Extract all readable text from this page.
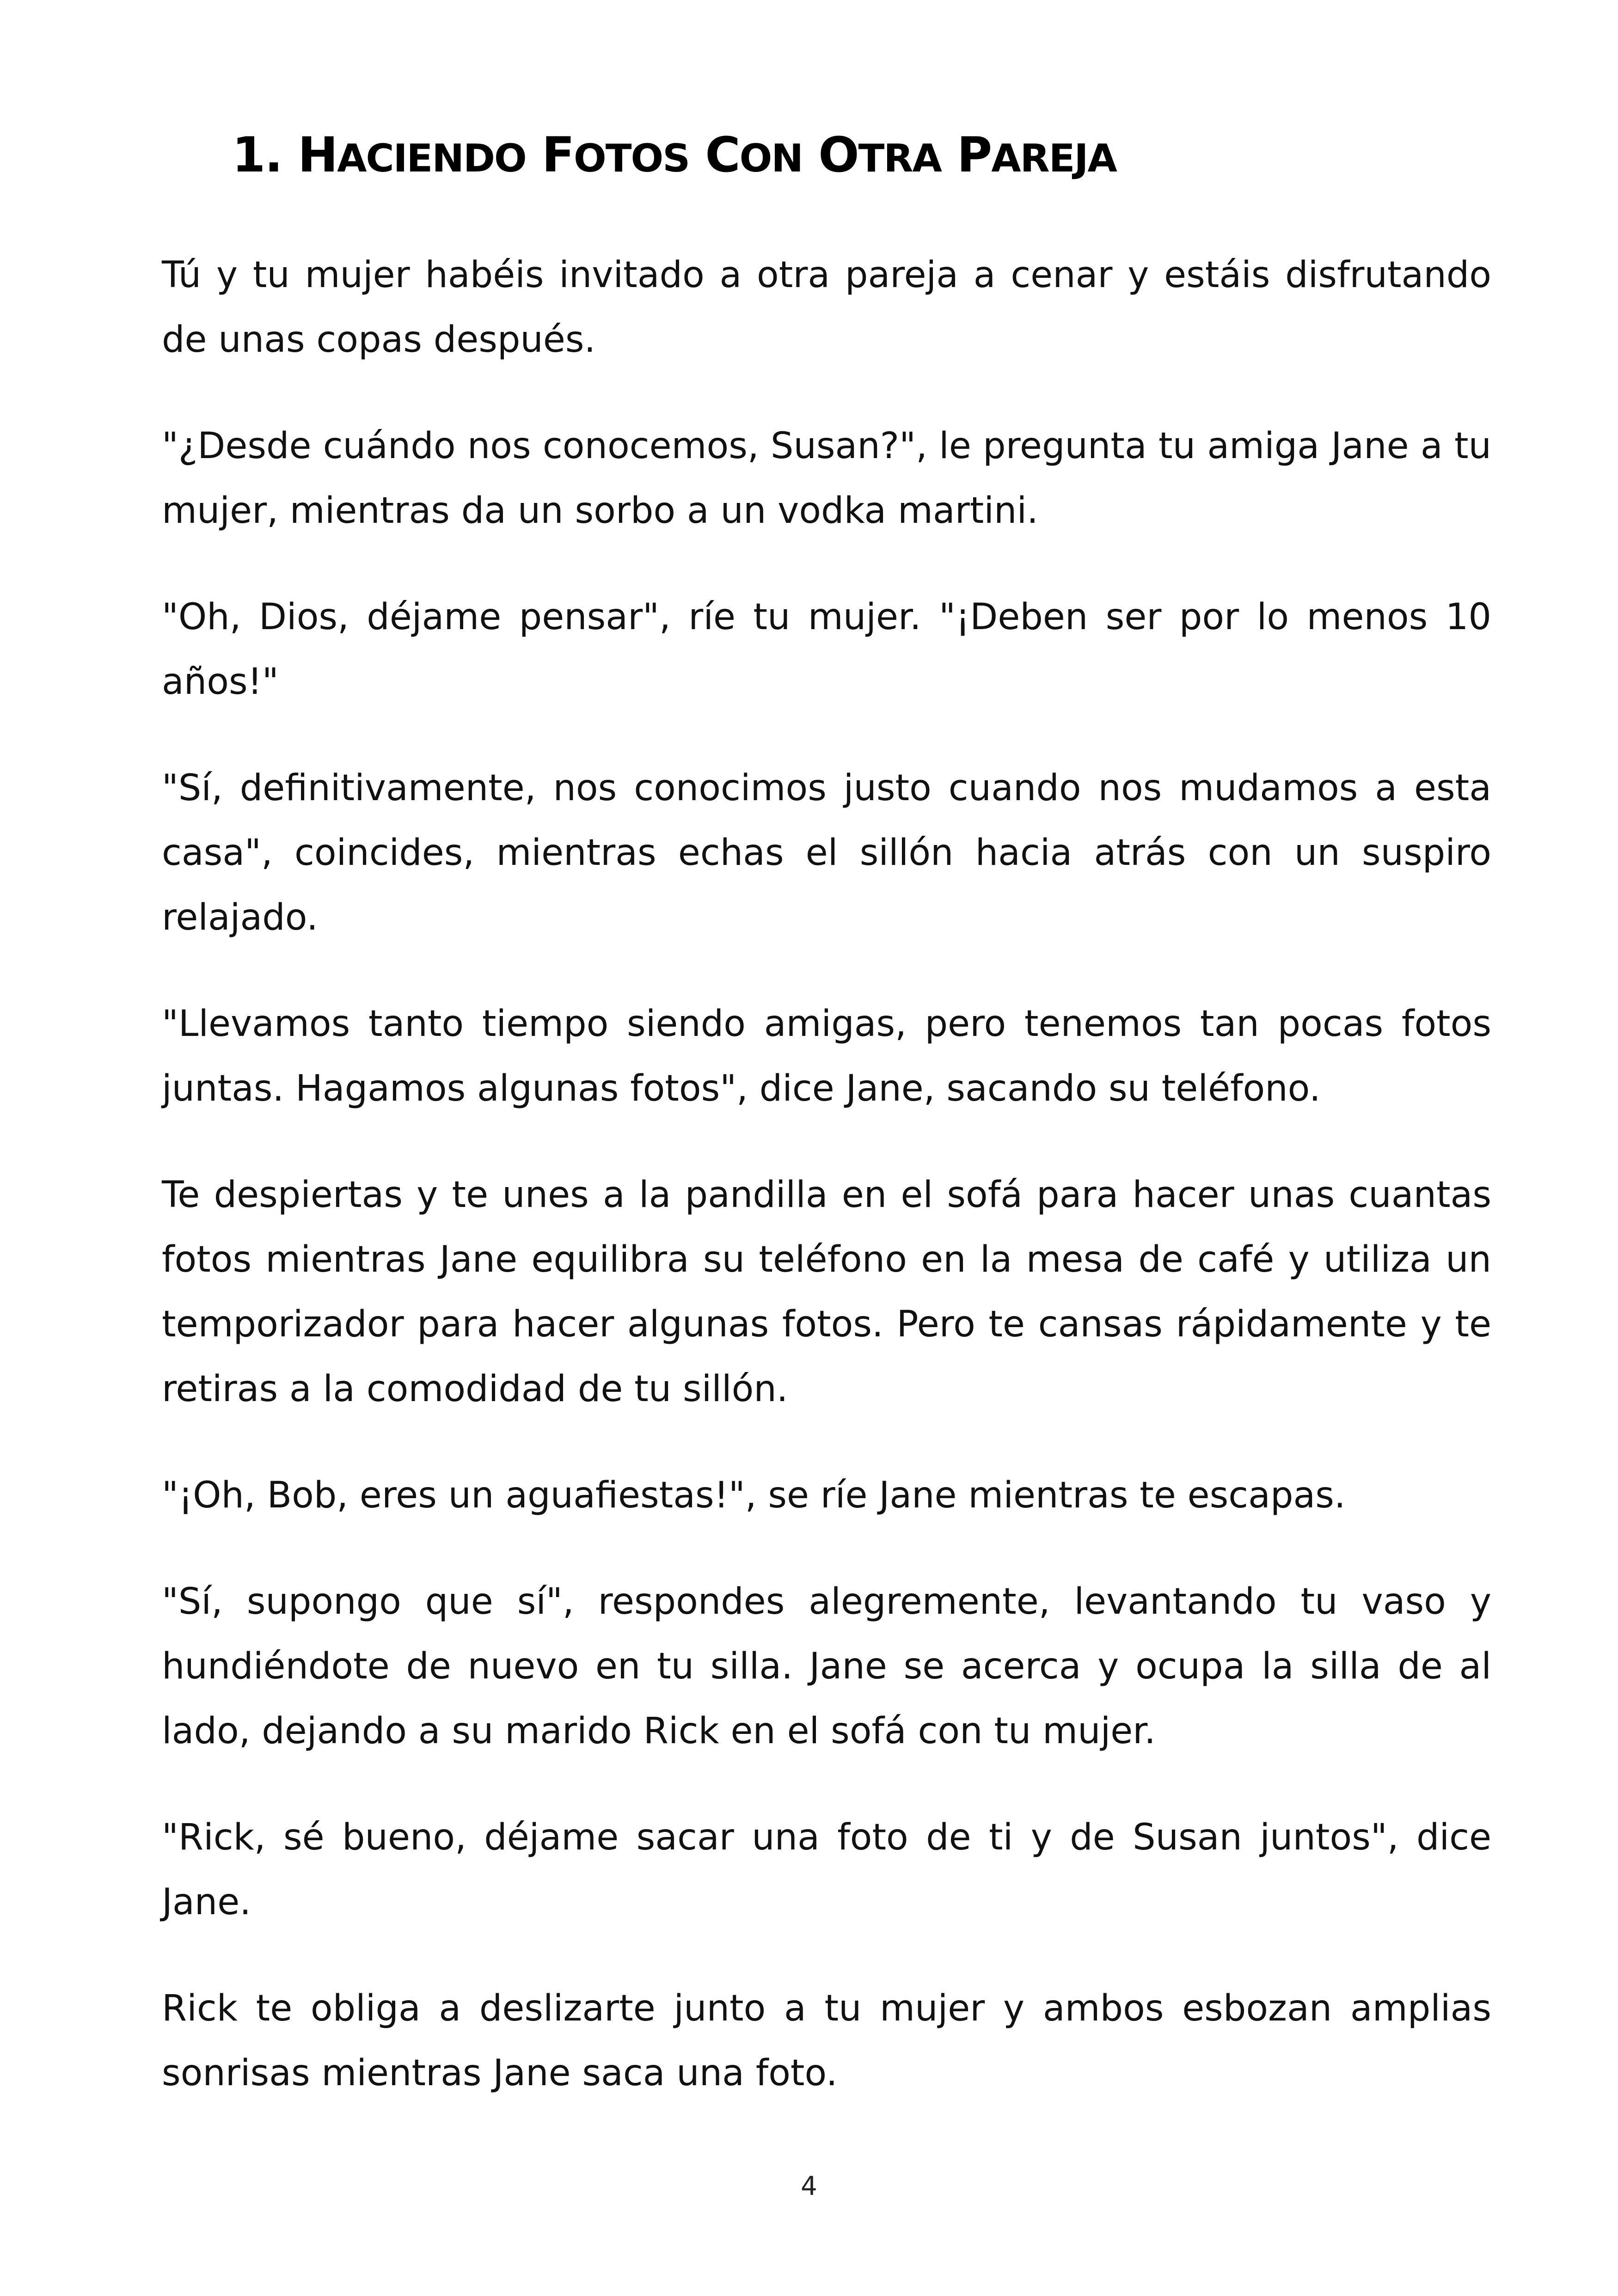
1. HACIENDO FOTOS CON OTRA PAREJA

Tú y tu mujer habéis invitado a otra pareja a cenar y estáis disfrutando de unas copas después.

"¿Desde cuándo nos conocemos, Susan?", le pregunta tu amiga Jane a tu mujer, mientras da un sorbo a un vodka martini.

"Oh, Dios, déjame pensar", ríe tu mujer. "¡Deben ser por lo menos 10 años!"

"Sí, definitivamente, nos conocimos justo cuando nos mudamos a esta casa", coincides, mientras echas el sillón hacia atrás con un suspiro relajado.

"Llevamos tanto tiempo siendo amigas, pero tenemos tan pocas fotos juntas. Hagamos algunas fotos", dice Jane, sacando su teléfono.

Te despiertas y te unes a la pandilla en el sofá para hacer unas cuantas fotos mientras Jane equilibra su teléfono en la mesa de café y utiliza un temporizador para hacer algunas fotos. Pero te cansas rápidamente y te retiras a la comodidad de tu sillón.

"¡Oh, Bob, eres un aguafiestas!", se ríe Jane mientras te escapas.

"Sí, supongo que sí", respondes alegremente, levantando tu vaso y hundiéndote de nuevo en tu silla. Jane se acerca y ocupa la silla de al lado, dejando a su marido Rick en el sofá con tu mujer.

"Rick, sé bueno, déjame sacar una foto de ti y de Susan juntos", dice Jane.

Rick te obliga a deslizarte junto a tu mujer y ambos esbozan amplias sonrisas mientras Jane saca una foto.

4
